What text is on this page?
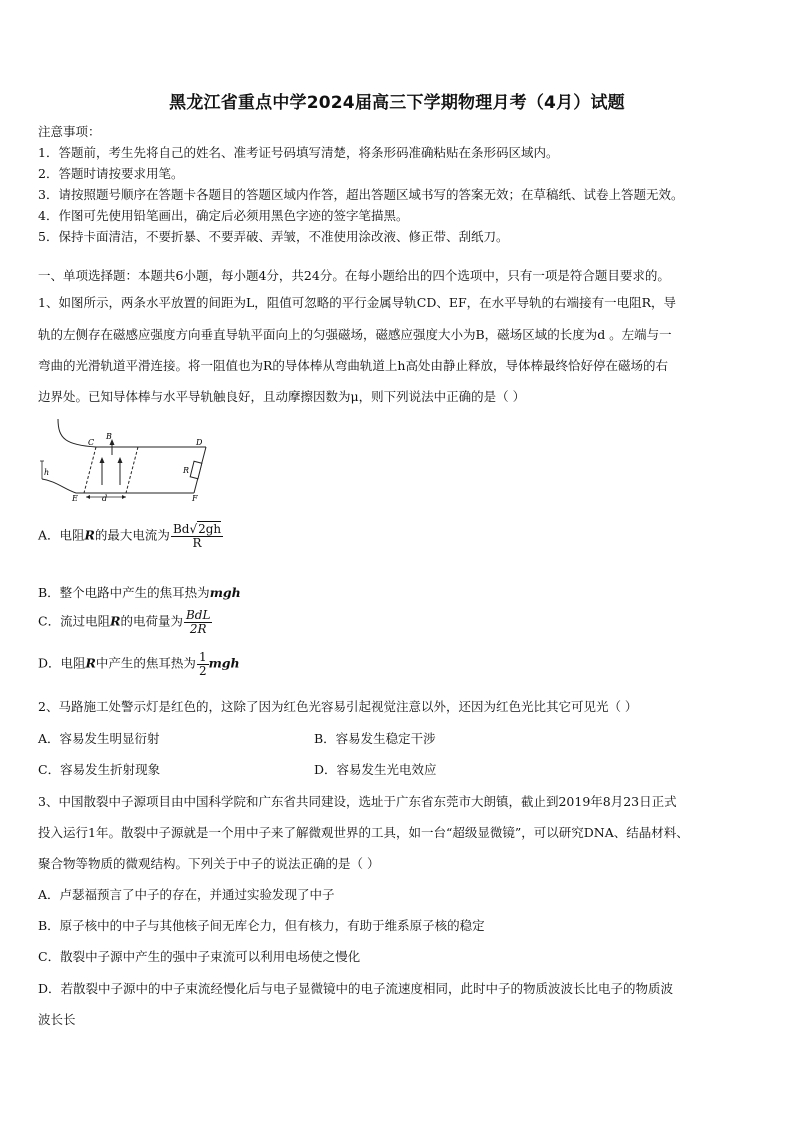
黑龙江省重点中学2024届高三下学期物理月考（4月）试题
注意事项：
1．答题前，考生先将自己的姓名、准考证号码填写清楚，将条形码准确粘贴在条形码区域内。
2．答题时请按要求用笔。
3．请按照题号顺序在答题卡各题目的答题区域内作答，超出答题区域书写的答案无效；在草稿纸、试卷上答题无效。
4．作图可先使用铅笔画出，确定后必须用黑色字迹的签字笔描黑。
5．保持卡面清洁，不要折暴、不要弄破、弄皱，不准使用涂改液、修正带、刮纸刀。
一、单项选择题：本题共6小题，每小题4分，共24分。在每小题给出的四个选项中，只有一项是符合题目要求的。
1、如图所示，两条水平放置的间距为L，阻值可忽略的平行金属导轨CD、EF，在水平导轨的右端接有一电阻R，导
轨的左侧存在磁感应强度方向垂直导轨平面向上的匀强磁场，磁感应强度大小为B，磁场区域的长度为d 。左端与一
弯曲的光滑轨道平滑连接。将一阻值也为R的导体棒从弯曲轨道上h高处由静止释放，导体棒最终恰好停在磁场的右
边界处。已知导体棒与水平导轨触良好，且动摩擦因数为μ，则下列说法中正确的是（ ）
C
B
D
R
h
E	d	F
A．电阻R的最大电流为 $\frac{Bd√2gh}{R}$
B．整个电路中产生的焦耳热为mgh
C．流过电阻R的电荷量为 $\frac{\text{BdL}}{2R}$
D．电阻R中产生的焦耳热为 $\frac{1}{2}$ mgh
2、马路施工处警示灯是红色的，这除了因为红色光容易引起视觉注意以外，还因为红色光比其它可见光（ ）
A．容易发生明显衍射	B．容易发生稳定干涉
C．容易发生折射现象	D．容易发生光电效应
3、中国散裂中子源项目由中国科学院和广东省共同建设，选址于广东省东莞市大朗镇，截止到2019年8月23日正式
投入运行1年。散裂中子源就是一个用中子来了解微观世界的工具，如一台“超级显微镜”，可以研究DNA、结晶材料、
聚合物等物质的微观结构。下列关于中子的说法正确的是（ ）
A．卢瑟福预言了中子的存在，并通过实验发现了中子
B．原子核中的中子与其他核子间无库仑力，但有核力，有助于维系原子核的稳定
C．散裂中子源中产生的强中子束流可以利用电场使之慢化
D．若散裂中子源中的中子束流经慢化后与电子显微镜中的电子流速度相同，此时中子的物质波波长比电子的物质波
波长长
